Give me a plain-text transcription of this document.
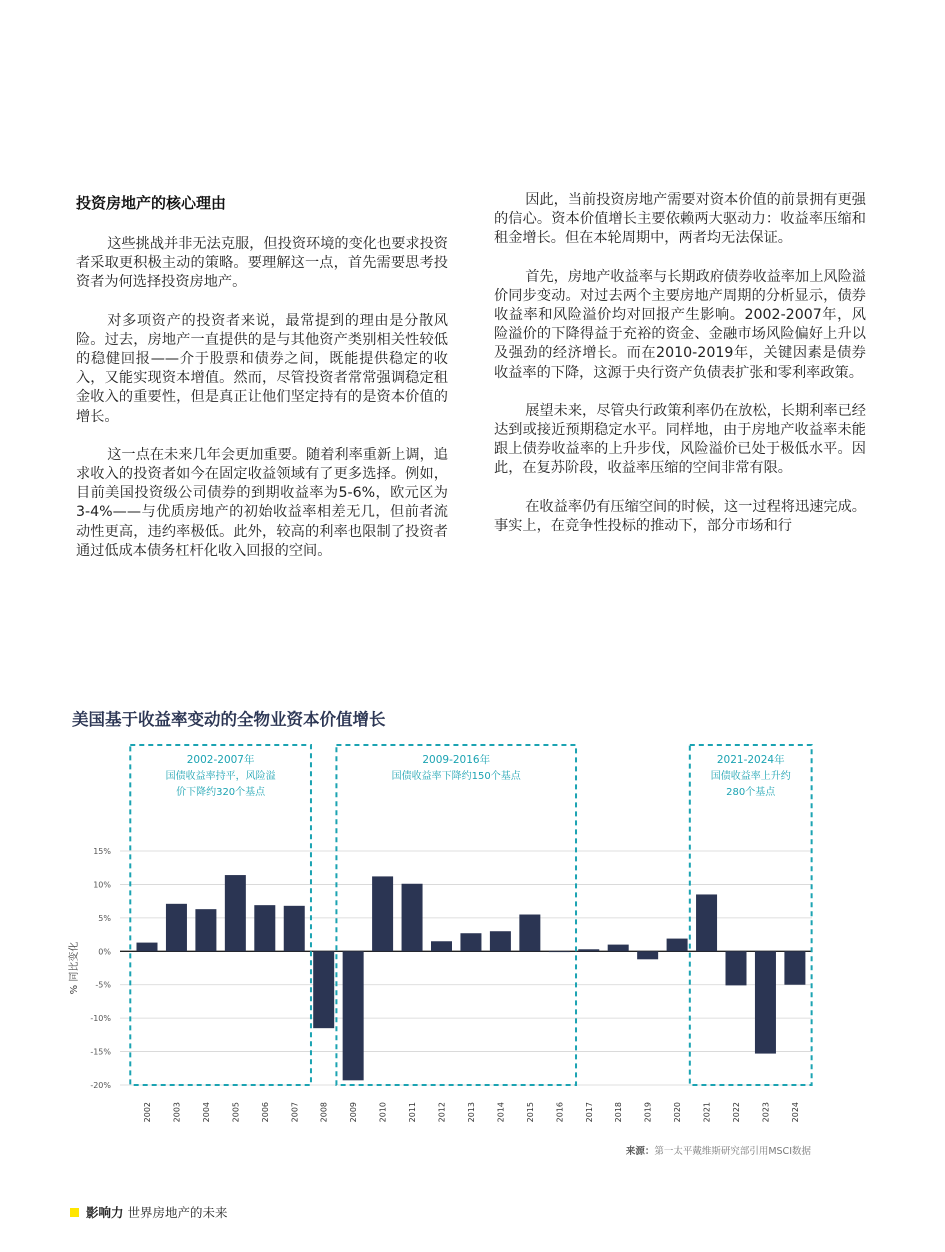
投资房地产的核心理由

这些挑战并非无法克服，但投资环境的变化也要求投资者采取更积极主动的策略。要理解这一点，首先需要思考投资者为何选择投资房地产。

对多项资产的投资者来说，最常提到的理由是分散风险。过去，房地产一直提供的是与其他资产类别相关性较低的稳健回报——介于股票和债券之间，既能提供稳定的收入，又能实现资本增值。然而，尽管投资者常常强调稳定租金收入的重要性，但是真正让他们坚定持有的是资本价值的增长。

这一点在未来几年会更加重要。随着利率重新上调，追求收入的投资者如今在固定收益领域有了更多选择。例如，目前美国投资级公司债券的到期收益率为5-6%，欧元区为3-4%——与优质房地产的初始收益率相差无几，但前者流动性更高，违约率极低。此外，较高的利率也限制了投资者通过低成本债务杠杆化收入回报的空间。

因此，当前投资房地产需要对资本价值的前景拥有更强的信心。资本价值增长主要依赖两大驱动力：收益率压缩和租金增长。但在本轮周期中，两者均无法保证。

首先，房地产收益率与长期政府债券收益率加上风险溢价同步变动。对过去两个主要房地产周期的分析显示，债券收益率和风险溢价均对回报产生影响。2002-2007年，风险溢价的下降得益于充裕的资金、金融市场风险偏好上升以及强劲的经济增长。而在2010-2019年，关键因素是债券收益率的下降，这源于央行资产负债表扩张和零利率政策。

展望未来，尽管央行政策利率仍在放松，长期利率已经达到或接近预期稳定水平。同样地，由于房地产收益率未能跟上债券收益率的上升步伐，风险溢价已处于极低水平。因此，在复苏阶段，收益率压缩的空间非常有限。

在收益率仍有压缩空间的时候，这一过程将迅速完成。事实上，在竞争性投标的推动下，部分市场和行

美国基于收益率变动的全物业资本价值增长
15%
10%
5%
0%
-5%
-10%
-15%
-20%
% 同比变化
2002	2003	2004	2005	2006	2007	2008	2009	2010	2011	2012	2013	2014	2015	2016	2017	2018	2019	2020	2021	2022	2023	2024
2002-2007年
国债收益率持平，风险溢
价下降约320个基点
2009-2016年
国债收益率下降约150个基点
2021-2024年
国债收益率上升约
280个基点
来源：第一太平戴维斯研究部引用MSCI数据
影响力 世界房地产的未来
